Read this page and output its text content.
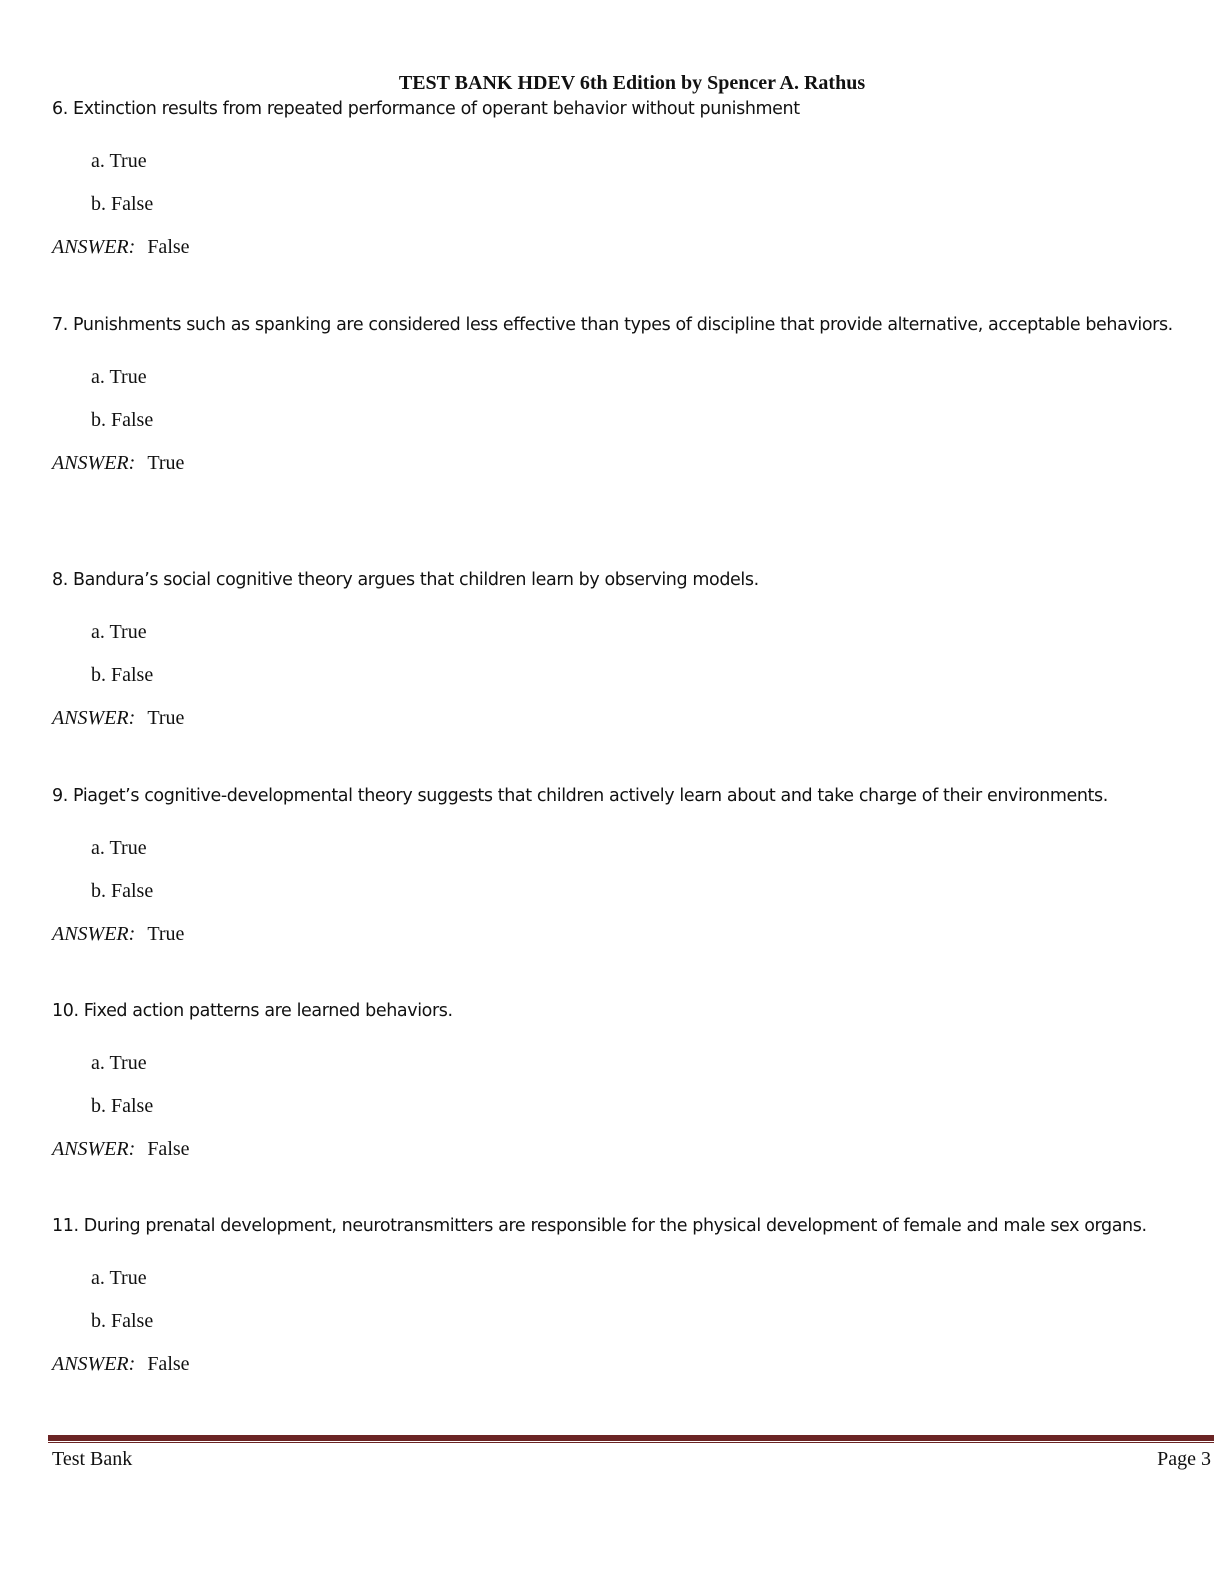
TEST BANK HDEV 6th Edition by Spencer A. Rathus
6. Extinction results from repeated performance of operant behavior without punishment
a. True
b. False
ANSWER: False
7. Punishments such as spanking are considered less effective than types of discipline that provide alternative, acceptable behaviors.
a. True
b. False
ANSWER: True
8. Bandura’s social cognitive theory argues that children learn by observing models.
a. True
b. False
ANSWER: True
9. Piaget’s cognitive-developmental theory suggests that children actively learn about and take charge of their environments.
a. True
b. False
ANSWER: True
10. Fixed action patterns are learned behaviors.
a. True
b. False
ANSWER: False
11. During prenatal development, neurotransmitters are responsible for the physical development of female and male sex organs.
a. True
b. False
ANSWER: False
Test Bank	Page 3
